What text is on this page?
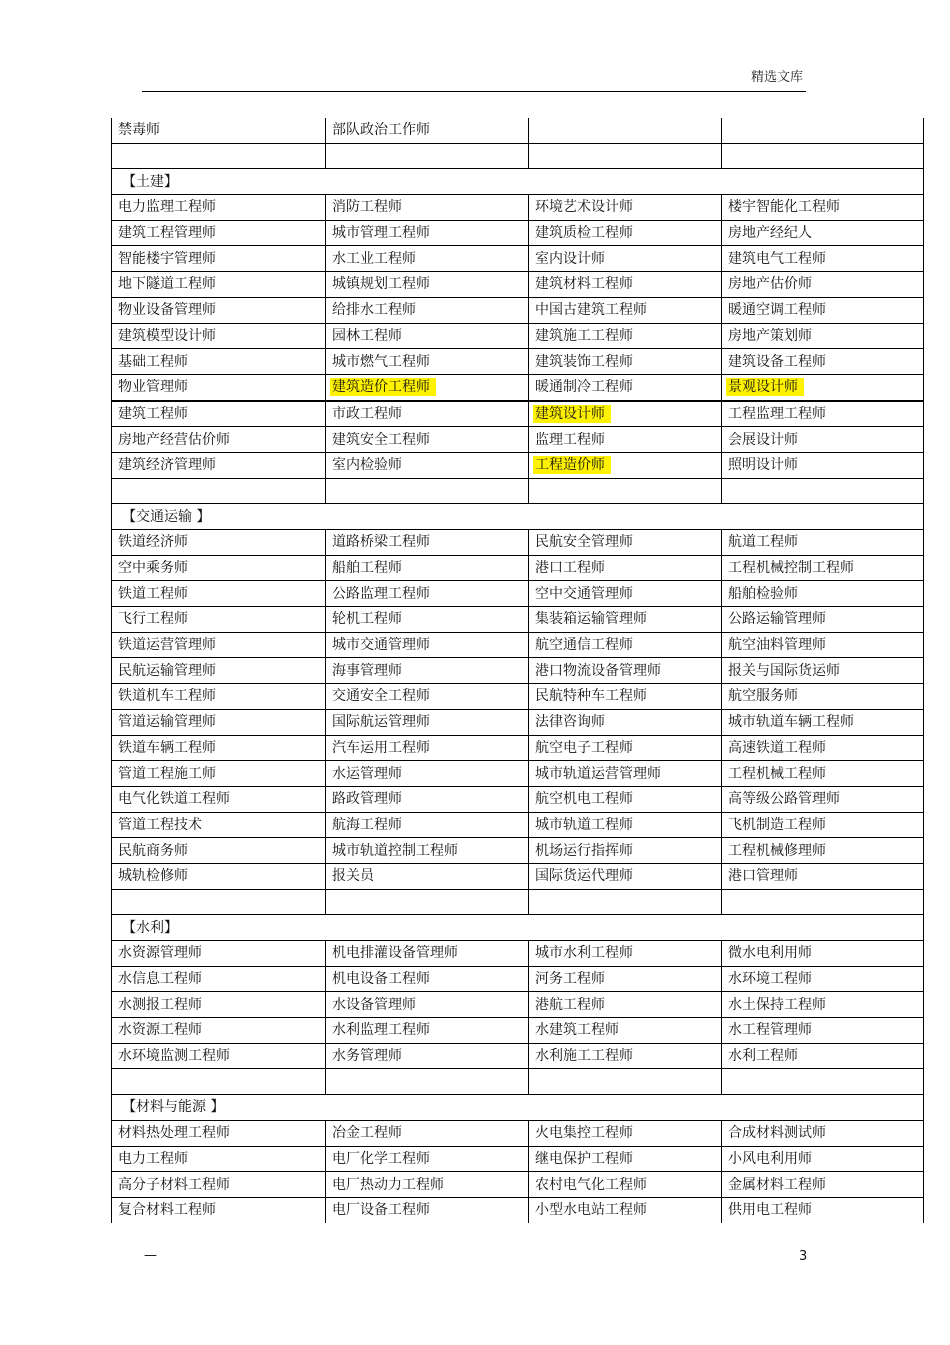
精选文库
禁毒师	部队政治工作师		

【土建】			
电力监理工程师	消防工程师	环境艺术设计师	楼宇智能化工程师
建筑工程管理师	城市管理工程师	建筑质检工程师	房地产经纪人
智能楼宇管理师	水工业工程师	室内设计师	建筑电气工程师
地下隧道工程师	城镇规划工程师	建筑材料工程师	房地产估价师
物业设备管理师	给排水工程师	中国古建筑工程师	暖通空调工程师
建筑模型设计师	园林工程师	建筑施工工程师	房地产策划师
基础工程师	城市燃气工程师	建筑装饰工程师	建筑设备工程师
物业管理师	建筑造价工程师	暖通制冷工程师	景观设计师
建筑工程师	市政工程师	建筑设计师	工程监理工程师
房地产经营估价师	建筑安全工程师	监理工程师	会展设计师
建筑经济管理师	室内检验师	工程造价师	照明设计师

【交通运输 】			
铁道经济师	道路桥梁工程师	民航安全管理师	航道工程师
空中乘务师	船舶工程师	港口工程师	工程机械控制工程师
铁道工程师	公路监理工程师	空中交通管理师	船舶检验师
飞行工程师	轮机工程师	集装箱运输管理师	公路运输管理师
铁道运营管理师	城市交通管理师	航空通信工程师	航空油料管理师
民航运输管理师	海事管理师	港口物流设备管理师	报关与国际货运师
铁道机车工程师	交通安全工程师	民航特种车工程师	航空服务师
管道运输管理师	国际航运管理师	法律咨询师	城市轨道车辆工程师
铁道车辆工程师	汽车运用工程师	航空电子工程师	高速铁道工程师
管道工程施工师	水运管理师	城市轨道运营管理师	工程机械工程师
电气化铁道工程师	路政管理师	航空机电工程师	高等级公路管理师
管道工程技术	航海工程师	城市轨道工程师	飞机制造工程师
民航商务师	城市轨道控制工程师	机场运行指挥师	工程机械修理师
城轨检修师	报关员	国际货运代理师	港口管理师

【水利】			
水资源管理师	机电排灌设备管理师	城市水利工程师	微水电利用师
水信息工程师	机电设备工程师	河务工程师	水环境工程师
水测报工程师	水设备管理师	港航工程师	水土保持工程师
水资源工程师	水利监理工程师	水建筑工程师	水工程管理师
水环境监测工程师	水务管理师	水利施工工程师	水利工程师

【材料与能源 】			
材料热处理工程师	冶金工程师	火电集控工程师	合成材料测试师
电力工程师	电厂化学工程师	继电保护工程师	小风电利用师
高分子材料工程师	电厂热动力工程师	农村电气化工程师	金属材料工程师
复合材料工程师	电厂设备工程师	小型水电站工程师	供用电工程师
—	3
